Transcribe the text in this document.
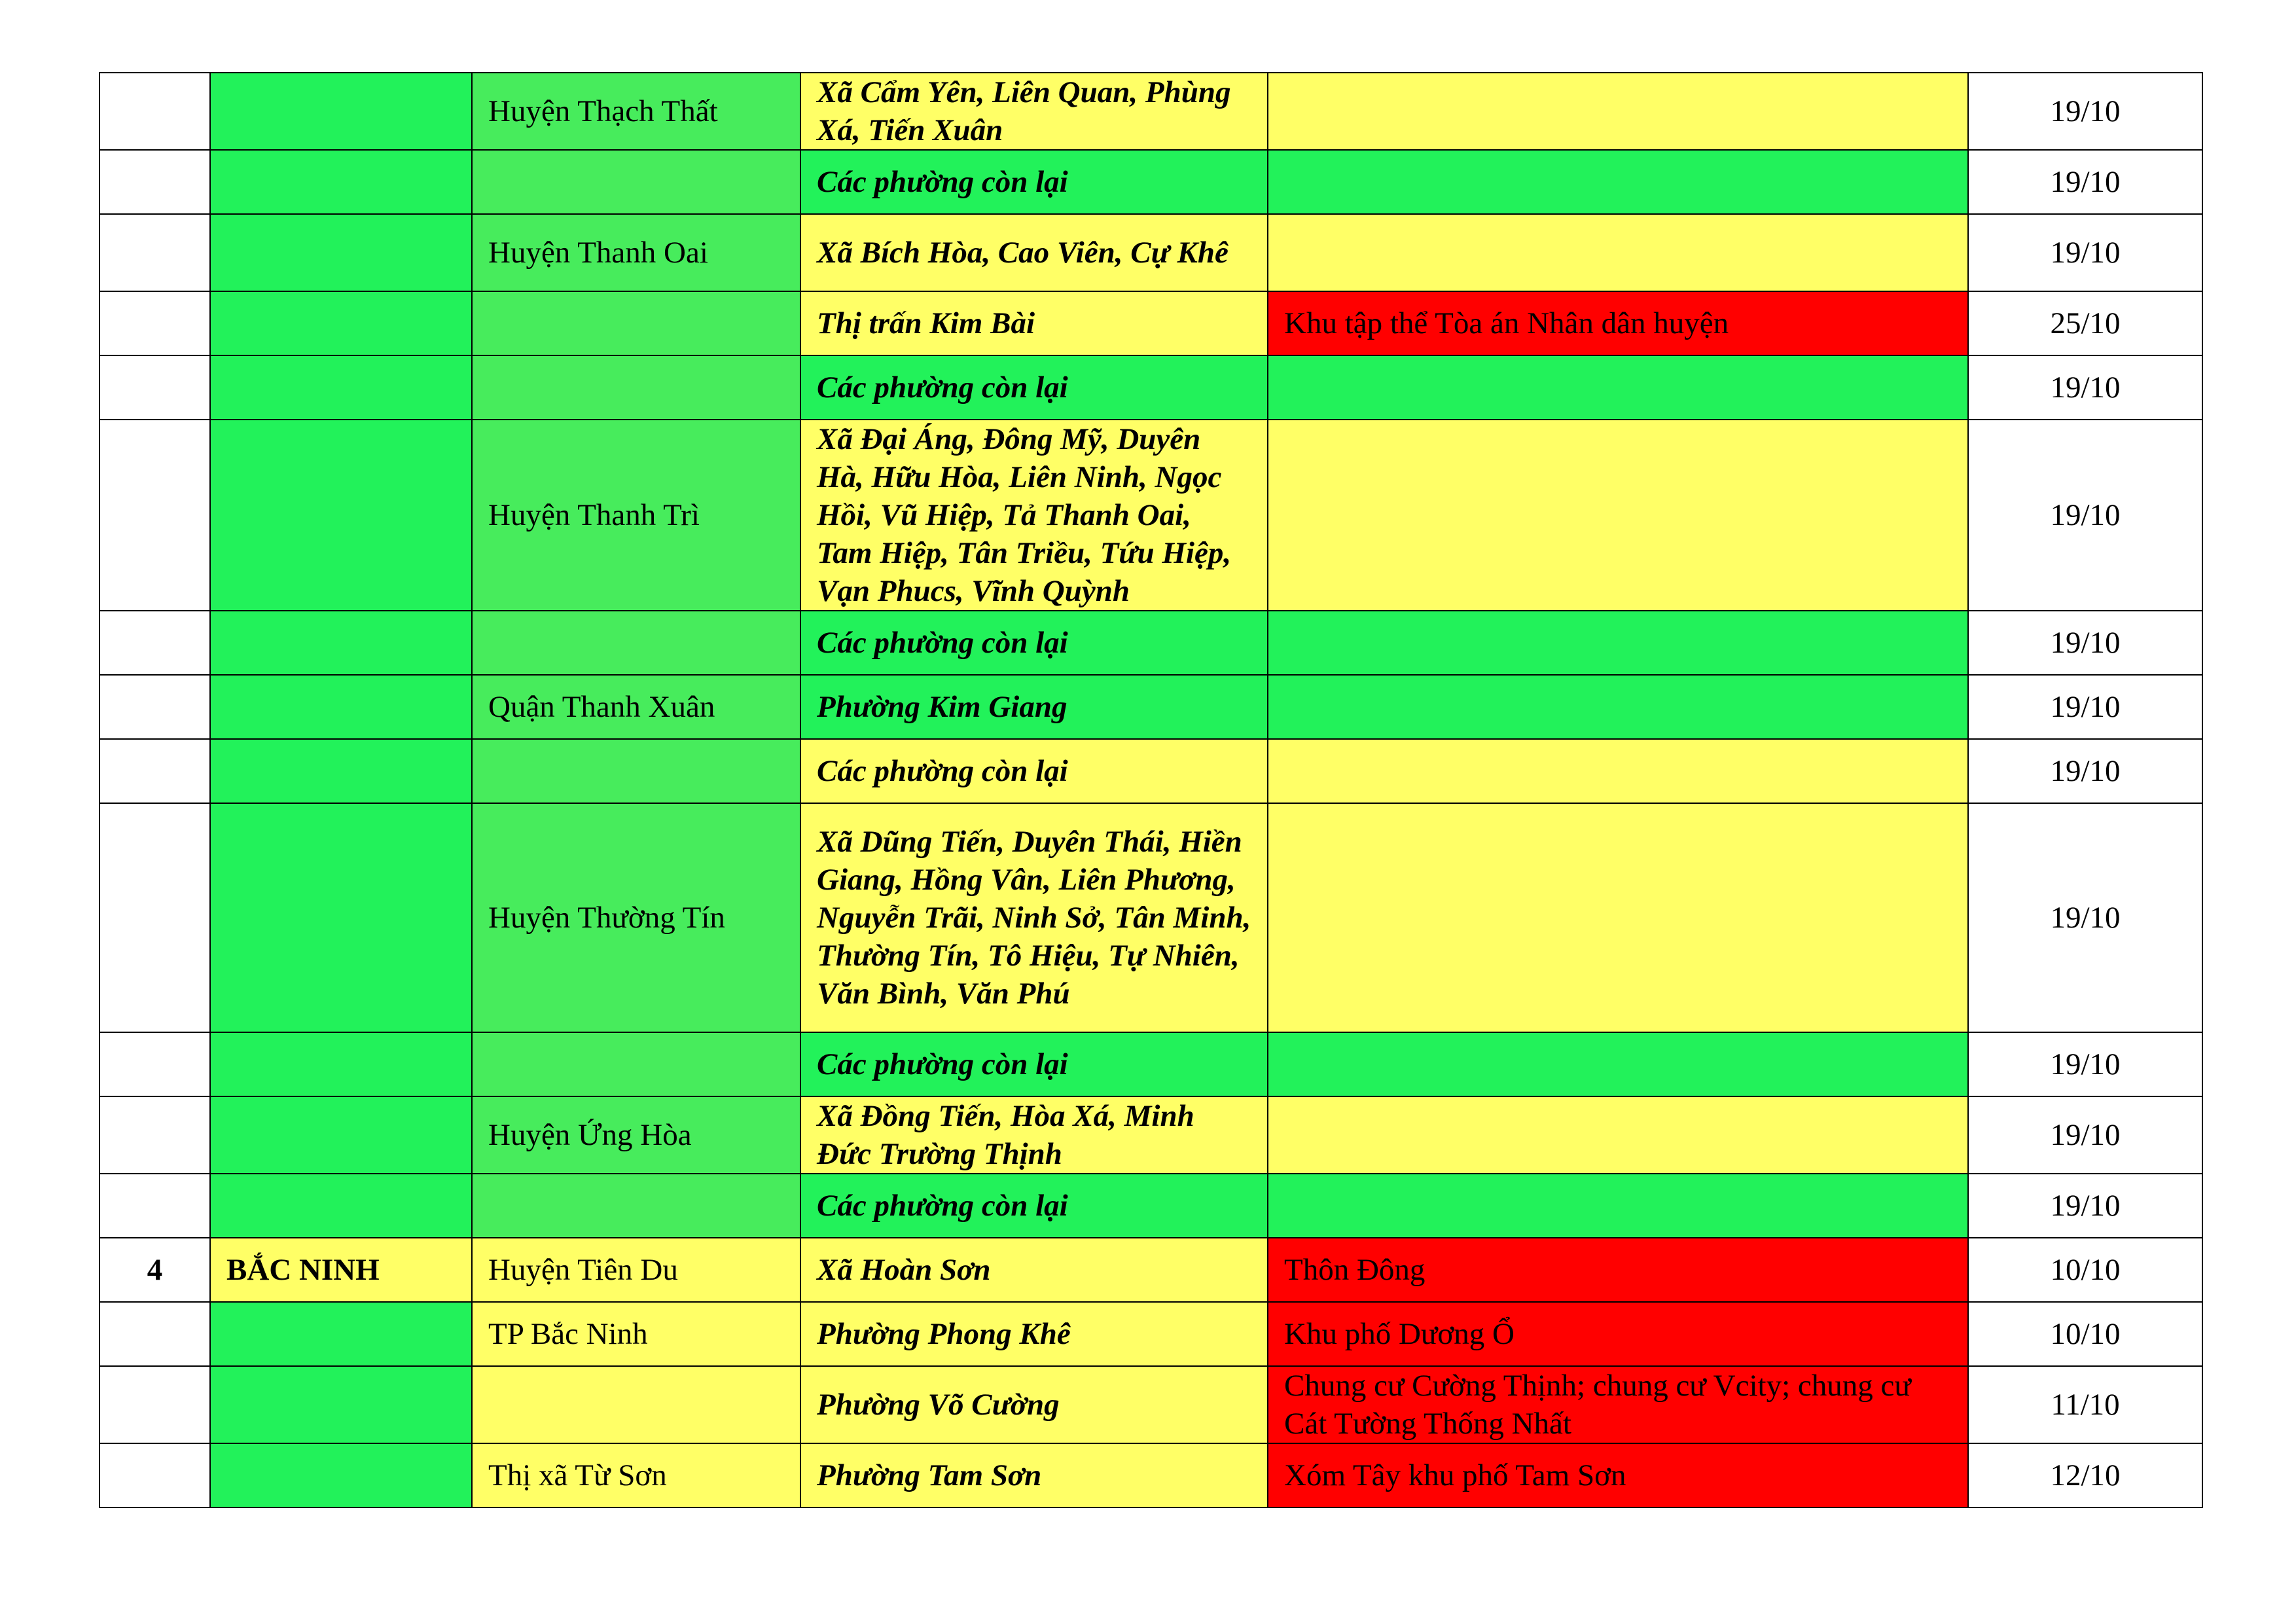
		Huyện Thạch Thất	Xã Cẩm Yên, Liên Quan, Phùng Xá, Tiến Xuân		19/10
			Các phường còn lại		19/10
		Huyện Thanh Oai	Xã Bích Hòa, Cao Viên, Cự Khê		19/10
			Thị trấn Kim Bài	Khu tập thể Tòa án Nhân dân huyện	25/10
			Các phường còn lại		19/10
		Huyện Thanh Trì	Xã Đại Áng, Đông Mỹ, Duyên Hà, Hữu Hòa, Liên Ninh, Ngọc Hồi, Vũ Hiệp, Tả Thanh Oai, Tam Hiệp, Tân Triều, Tứu Hiệp, Vạn Phucs, Vĩnh Quỳnh		19/10
			Các phường còn lại		19/10
		Quận Thanh Xuân	Phường Kim Giang		19/10
			Các phường còn lại		19/10
		Huyện Thường Tín	Xã Dũng Tiến, Duyên Thái, Hiền Giang, Hồng Vân, Liên Phương, Nguyễn Trãi, Ninh Sở, Tân Minh, Thường Tín, Tô Hiệu, Tự Nhiên, Văn Bình, Văn Phú		19/10
			Các phường còn lại		19/10
		Huyện Ứng Hòa	Xã Đồng Tiến, Hòa Xá, Minh Đức Trường Thịnh		19/10
			Các phường còn lại		19/10
4	BẮC NINH	Huyện Tiên Du	Xã Hoàn Sơn	Thôn Đông	10/10
		TP Bắc Ninh	Phường Phong Khê	Khu phố Dương Ổ	10/10
			Phường Võ Cường	Chung cư Cường Thịnh; chung cư Vcity; chung cư Cát Tường Thống Nhất	11/10
		Thị xã Từ Sơn	Phường Tam Sơn	Xóm Tây khu phố Tam Sơn	12/10
